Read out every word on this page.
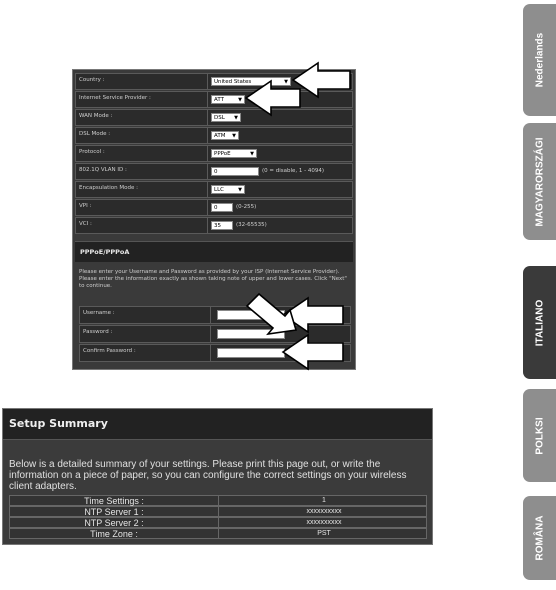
Country :	United States	▼
Internet Service Provider :	ATT	▼
WAN Mode :	DSL ▼
DSL Mode :	ATM ▼
Protocol :	PPPoE	▼
802.1Q VLAN ID :	0	(0 = disable, 1 - 4094)
Encapsulation Mode :	LLC	▼
VPI :	0	(0-255)
VCI :	35	(32-65535)
PPPoE/PPPoA
Please enter your Username and Password as provided by your ISP (Internet Service Provider). Please enter the information exactly as shown taking note of upper and lower cases. Click "Next" to continue.
Username :
Password :
Confirm Password :
Setup Summary
Below is a detailed summary of your settings. Please print this page out, or write the information on a piece of paper, so you can configure the correct settings on your wireless client adapters.
Time Settings :	1
NTP Server 1 :	xxxxxxxxxx
NTP Server 2 :	xxxxxxxxxx
Time Zone :	PST
Nederlands
MAGYARORSZÁGI
ITALIANO
POLKSI
ROMÂNA
